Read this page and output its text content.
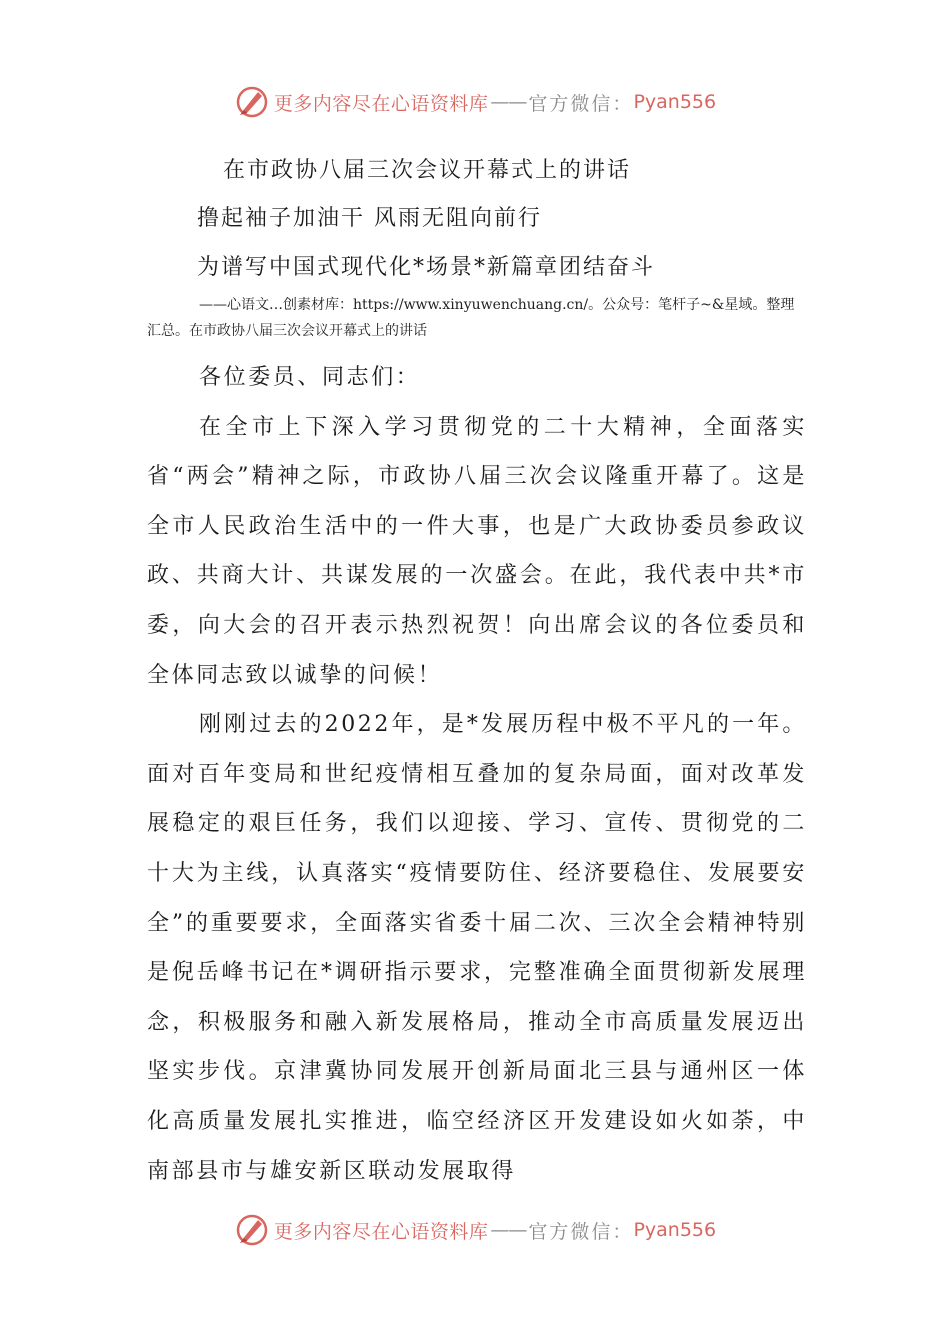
更多内容尽在心语资料库 —— 官方微信： Pyan556
在市政协八届三次会议开幕式上的讲话
撸起袖子加油干 风雨无阻向前行
为谱写中国式现代化*场景*新篇章团结奋斗

——心语文…创素材库：https://www.xinyuwenchuang.cn/。公众号：笔杆子~&星域。整理汇总。在市政协八届三次会议开幕式上的讲话

各位委员、同志们：

在全市上下深入学习贯彻党的二十大精神，全面落实省“两会”精神之际，市政协八届三次会议隆重开幕了。这是全市人民政治生活中的一件大事，也是广大政协委员参政议政、共商大计、共谋发展的一次盛会。在此，我代表中共*市委，向大会的召开表示热烈祝贺！向出席会议的各位委员和全体同志致以诚挚的问候！

刚刚过去的2022年，是*发展历程中极不平凡的一年。面对百年变局和世纪疫情相互叠加的复杂局面，面对改革发展稳定的艰巨任务，我们以迎接、学习、宣传、贯彻党的二十大为主线，认真落实“疫情要防住、经济要稳住、发展要安全”的重要要求，全面落实省委十届二次、三次全会精神特别是倪岳峰书记在*调研指示要求，完整准确全面贯彻新发展理念，积极服务和融入新发展格局，推动全市高质量发展迈出坚实步伐。京津冀协同发展开创新局面北三县与通州区一体化高质量发展扎实推进，临空经济区开发建设如火如荼，中南部县市与雄安新区联动发展取得

更多内容尽在心语资料库 —— 官方微信： Pyan556
